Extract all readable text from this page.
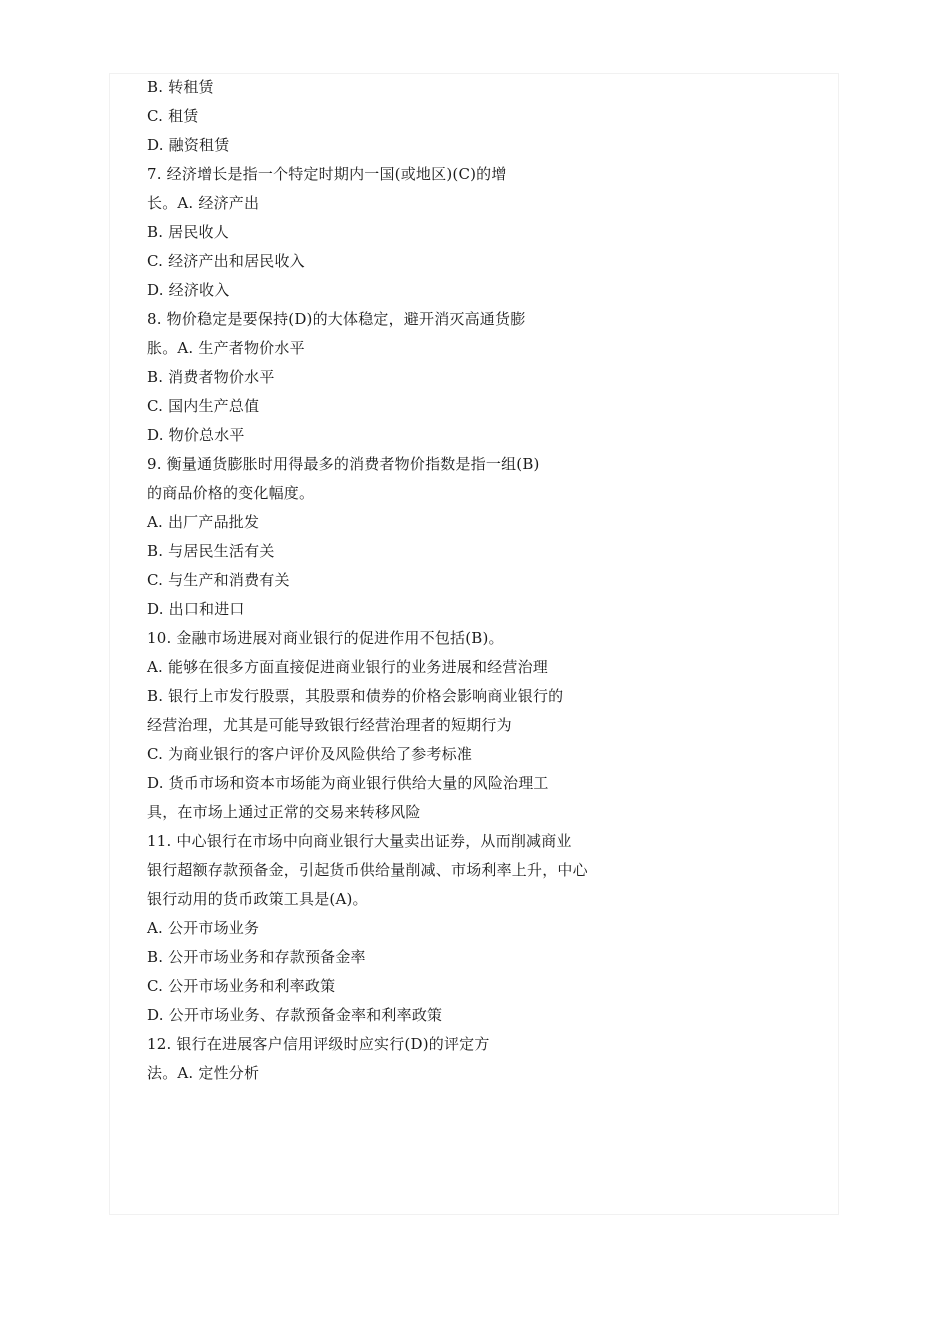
B. 转租赁
C. 租赁
D. 融资租赁
7. 经济增长是指一个特定时期内一国(或地区)(C)的增
长。A. 经济产出
B. 居民收人
C. 经济产出和居民收入
D. 经济收入
8. 物价稳定是要保持(D)的大体稳定，避开消灭高通货膨
胀。A. 生产者物价水平
B. 消费者物价水平
C. 国内生产总值
D. 物价总水平
9. 衡量通货膨胀时用得最多的消费者物价指数是指一组(B)
的商品价格的变化幅度。
A. 出厂产品批发
B. 与居民生活有关
C. 与生产和消费有关
D. 出口和进口
10. 金融市场进展对商业银行的促进作用不包括(B)。
A. 能够在很多方面直接促进商业银行的业务进展和经营治理
B. 银行上市发行股票，其股票和债券的价格会影响商业银行的
经营治理，尤其是可能导致银行经营治理者的短期行为
C. 为商业银行的客户评价及风险供给了参考标准
D. 货币市场和资本市场能为商业银行供给大量的风险治理工
具，在市场上通过正常的交易来转移风险
11. 中心银行在市场中向商业银行大量卖出证券，从而削减商业
银行超额存款预备金，引起货币供给量削减、市场利率上升，中心
银行动用的货币政策工具是(A)。
A. 公开市场业务
B. 公开市场业务和存款预备金率
C. 公开市场业务和利率政策
D. 公开市场业务、存款预备金率和利率政策
12. 银行在进展客户信用评级时应实行(D)的评定方
法。A. 定性分析
